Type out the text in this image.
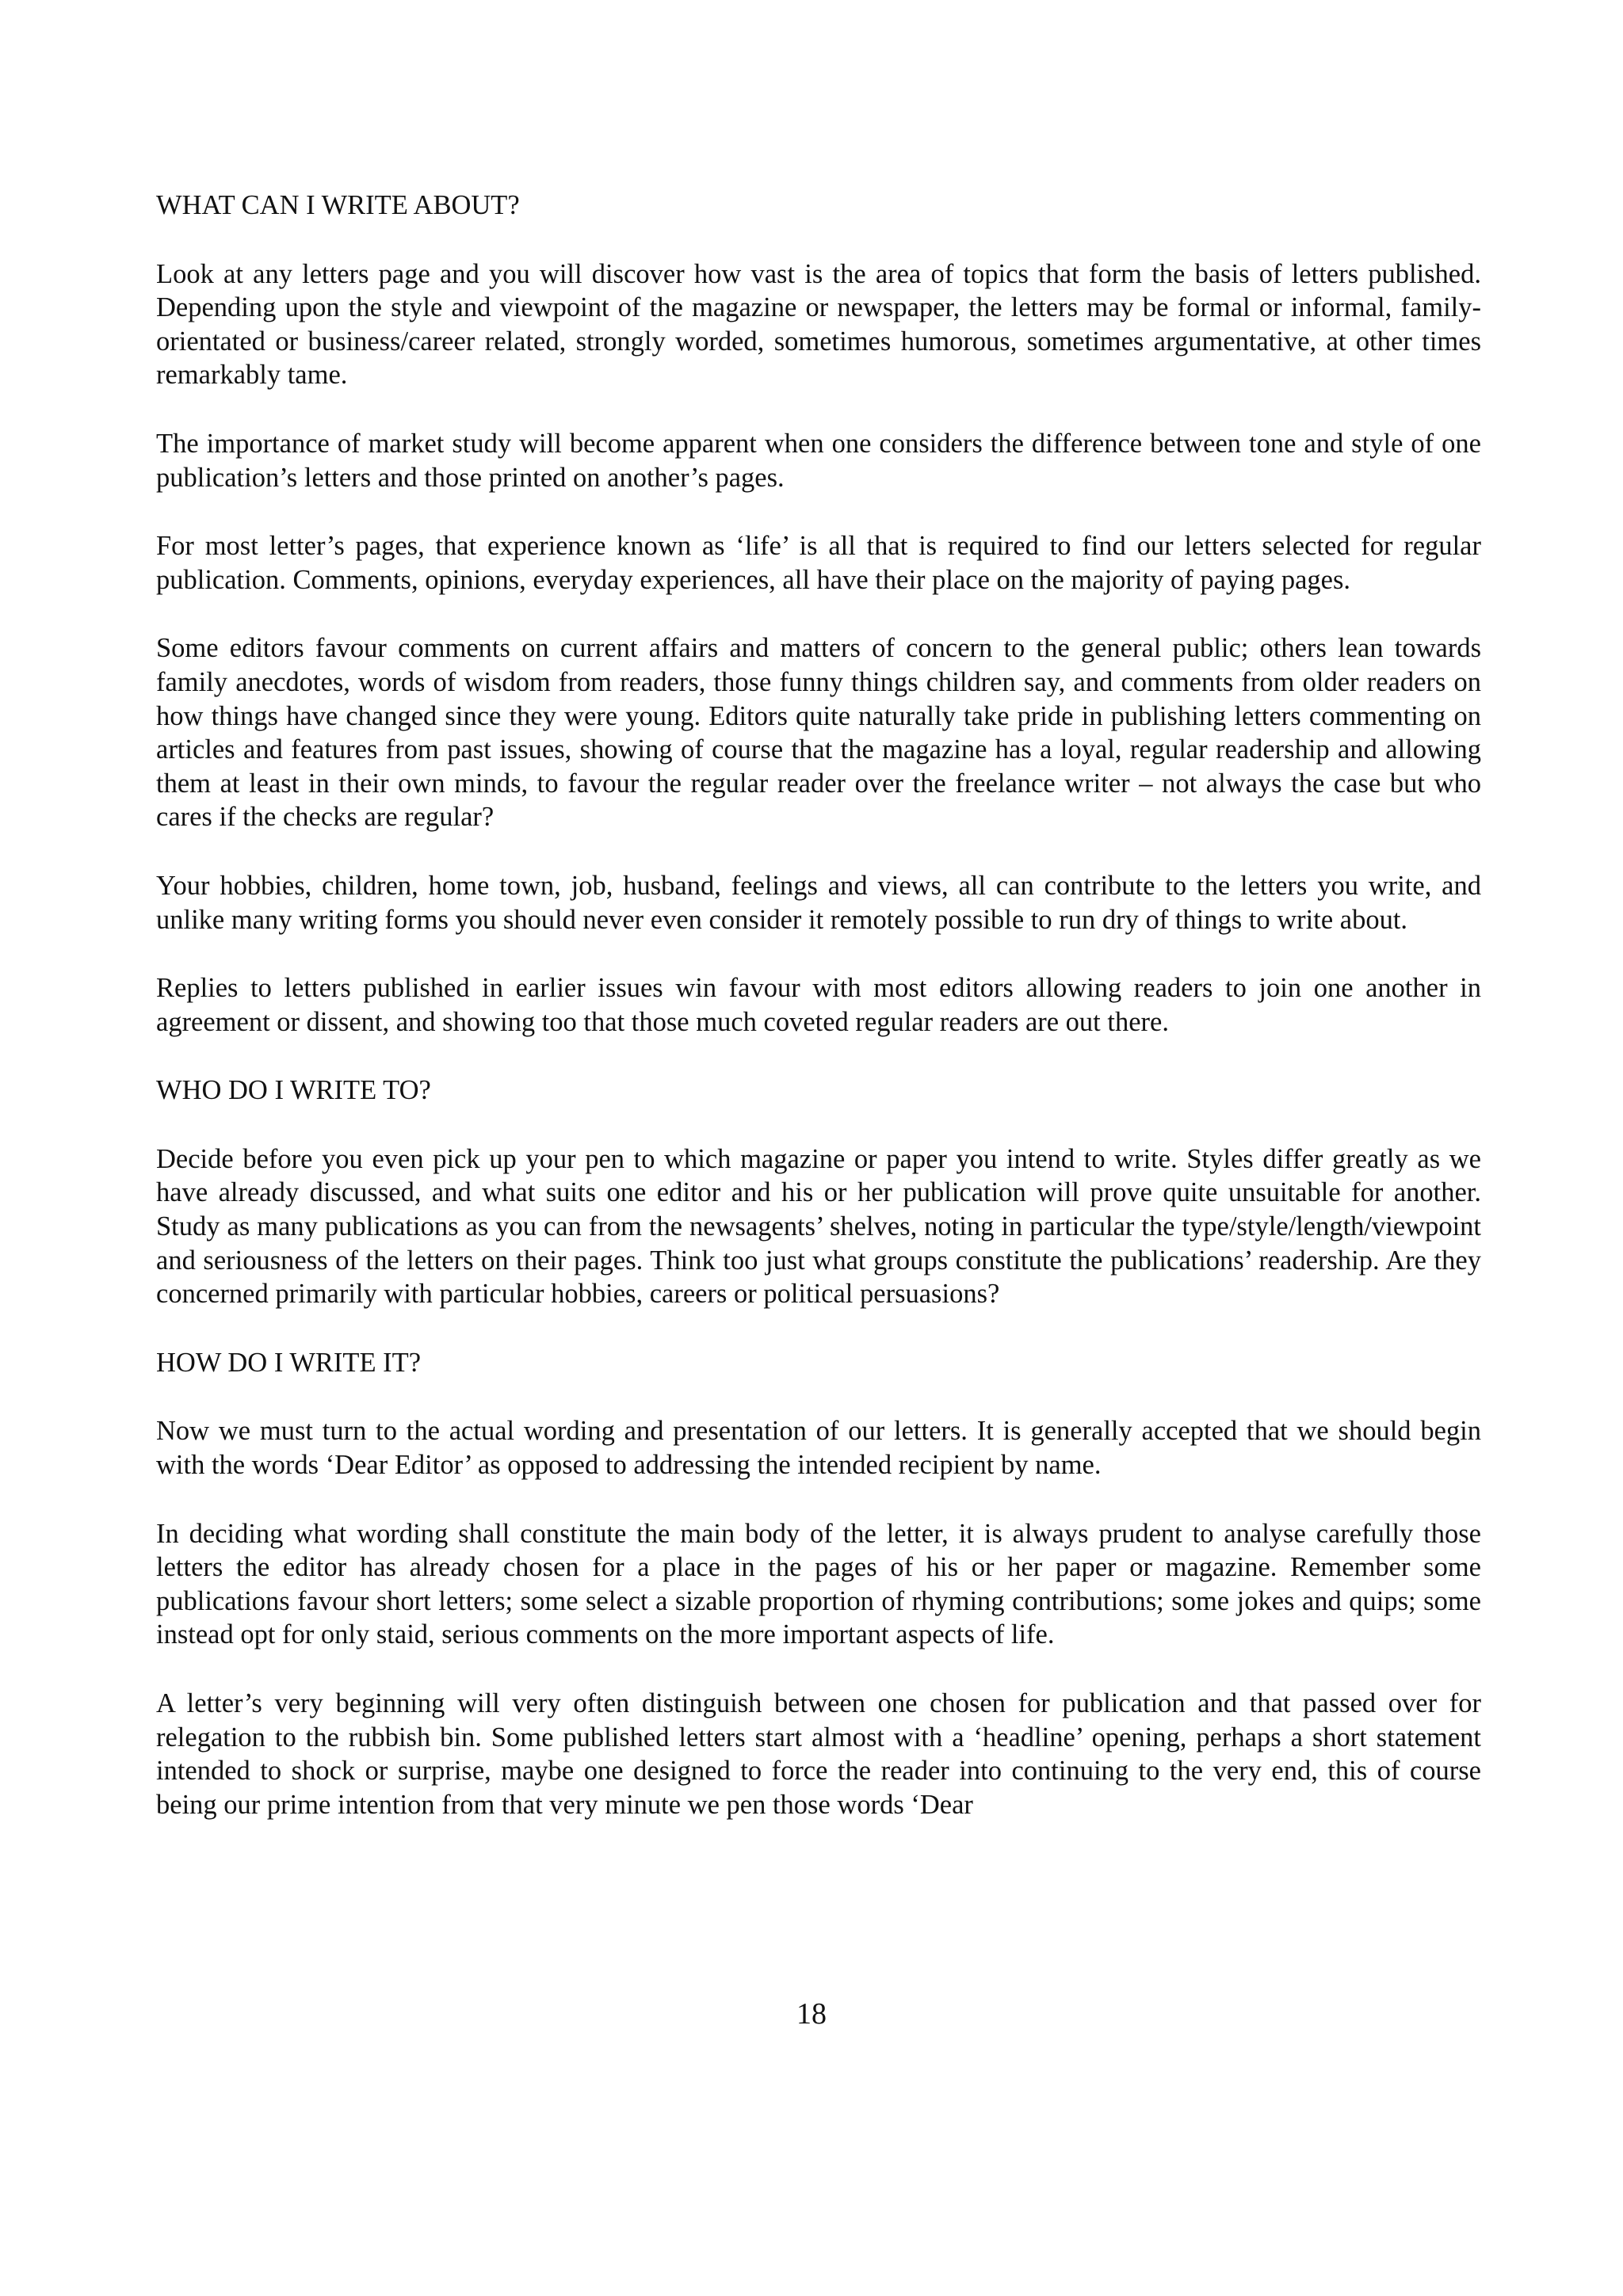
WHAT CAN I WRITE ABOUT?

Look at any letters page and you will discover how vast is the area of topics that form the basis of letters published. Depending upon the style and viewpoint of the magazine or newspaper, the letters may be formal or informal, family-orientated or business/career related, strongly worded, sometimes humorous, sometimes argumentative, at other times remarkably tame.

The importance of market study will become apparent when one considers the difference between tone and style of one publication’s letters and those printed on another’s pages.

For most letter’s pages, that experience known as ‘life’ is all that is required to find our letters selected for regular publication. Comments, opinions, everyday experiences, all have their place on the majority of paying pages.

Some editors favour comments on current affairs and matters of concern to the general public; others lean towards family anecdotes, words of wisdom from readers, those funny things children say, and comments from older readers on how things have changed since they were young. Editors quite naturally take pride in publishing letters commenting on articles and features from past issues, showing of course that the magazine has a loyal, regular readership and allowing them at least in their own minds, to favour the regular reader over the freelance writer – not always the case but who cares if the checks are regular?

Your hobbies, children, home town, job, husband, feelings and views, all can contribute to the letters you write, and unlike many writing forms you should never even consider it remotely possible to run dry of things to write about.

Replies to letters published in earlier issues win favour with most editors allowing readers to join one another in agreement or dissent, and showing too that those much coveted regular readers are out there.

WHO DO I WRITE TO?

Decide before you even pick up your pen to which magazine or paper you intend to write. Styles differ greatly as we have already discussed, and what suits one editor and his or her publication will prove quite unsuitable for another. Study as many publications as you can from the newsagents’ shelves, noting in particular the type/style/length/viewpoint and seriousness of the letters on their pages. Think too just what groups constitute the publications’ readership. Are they concerned primarily with particular hobbies, careers or political persuasions?

HOW DO I WRITE IT?

Now we must turn to the actual wording and presentation of our letters. It is generally accepted that we should begin with the words ‘Dear Editor’ as opposed to addressing the intended recipient by name.

In deciding what wording shall constitute the main body of the letter, it is always prudent to analyse carefully those letters the editor has already chosen for a place in the pages of his or her paper or magazine. Remember some publications favour short letters; some select a sizable proportion of rhyming contributions; some jokes and quips; some instead opt for only staid, serious comments on the more important aspects of life.

A letter’s very beginning will very often distinguish between one chosen for publication and that passed over for relegation to the rubbish bin. Some published letters start almost with a ‘headline’ opening, perhaps a short statement intended to shock or surprise, maybe one designed to force the reader into continuing to the very end, this of course being our prime intention from that very minute we pen those words ‘Dear

18
